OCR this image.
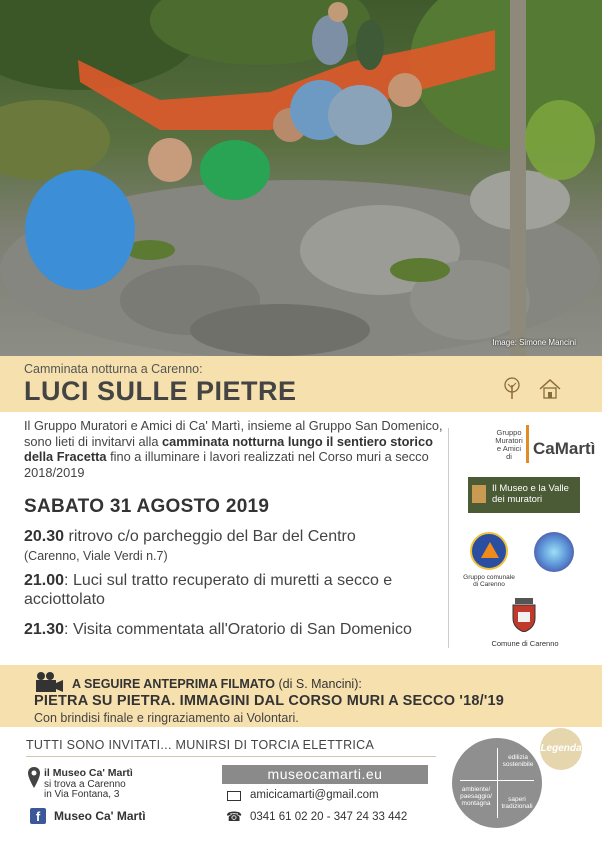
Image: Simone Mancini
Camminata notturna a Carenno:
LUCI SULLE PIETRE
Il Gruppo Muratori e Amici di Ca' Martì, insieme al Gruppo San Domenico, sono lieti di invitarvi alla camminata notturna lungo il sentiero storico della Fracetta fino a illuminare i lavori realizzati nel Corso muri a secco 2018/2019
SABATO 31 AGOSTO 2019
20.30 ritrovo c/o parcheggio del Bar del Centro
(Carenno, Viale Verdi n.7)
21.00: Luci sul tratto recuperato di muretti a secco e acciottolato
21.30: Visita commentata all'Oratorio di San Domenico
Gruppo Muratori e Amici di	CaMartì
Il Museo e la Valle dei muratori
Gruppo comunale di Carenno
Comune di Carenno
A SEGUIRE ANTEPRIMA FILMATO (di S. Mancini):
PIETRA SU PIETRA. IMMAGINI DAL CORSO MURI A SECCO '18/'19
Con brindisi finale e ringraziamento ai Volontari.
TUTTI SONO INVITATI... MUNIRSI DI TORCIA ELETTRICA
il Museo Ca' Martì
si trova a Carenno
in Via Fontana, 3
f	Museo Ca' Martì
museocamarti.eu
amicicamarti@gmail.com
☎ 0341 61 02 20 - 347 24 33 442
edilizia sostenibile
ambiente/ paesaggio/ montagna
saperi tradizionali
Legenda
